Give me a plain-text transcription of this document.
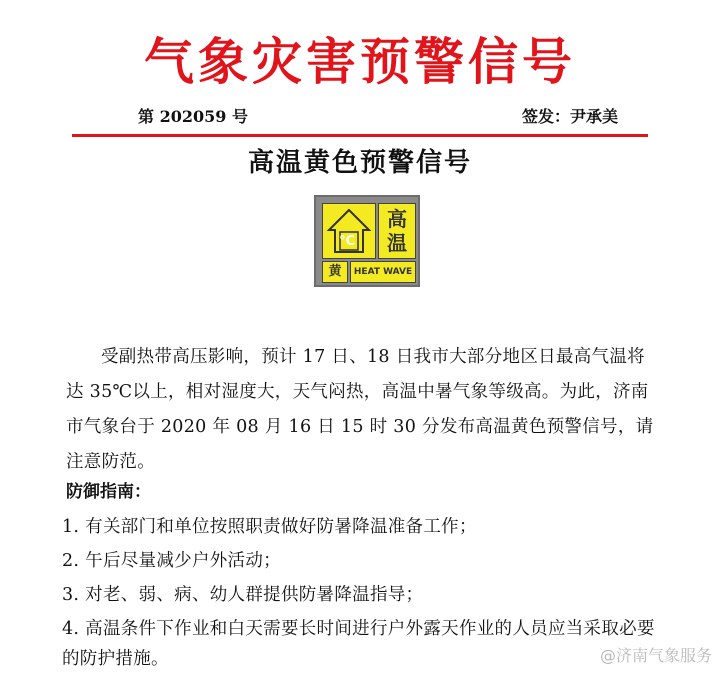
气象灾害预警信号
第 202059 号	签发：尹承美
高温黄色预警信号
°C
高
温
黄	HEAT WAVE

受副热带高压影响，预计 17 日、18 日我市大部分地区日最高气温将达 35℃以上，相对湿度大，天气闷热，高温中暑气象等级高。为此，济南市气象台于 2020 年 08 月 16 日 15 时 30 分发布高温黄色预警信号，请注意防范。

防御指南：
1. 有关部门和单位按照职责做好防暑降温准备工作；
2. 午后尽量减少户外活动；
3. 对老、弱、病、幼人群提供防暑降温指导；
4. 高温条件下作业和白天需要长时间进行户外露天作业的人员应当采取必要的防护措施。	@济南气象服务
